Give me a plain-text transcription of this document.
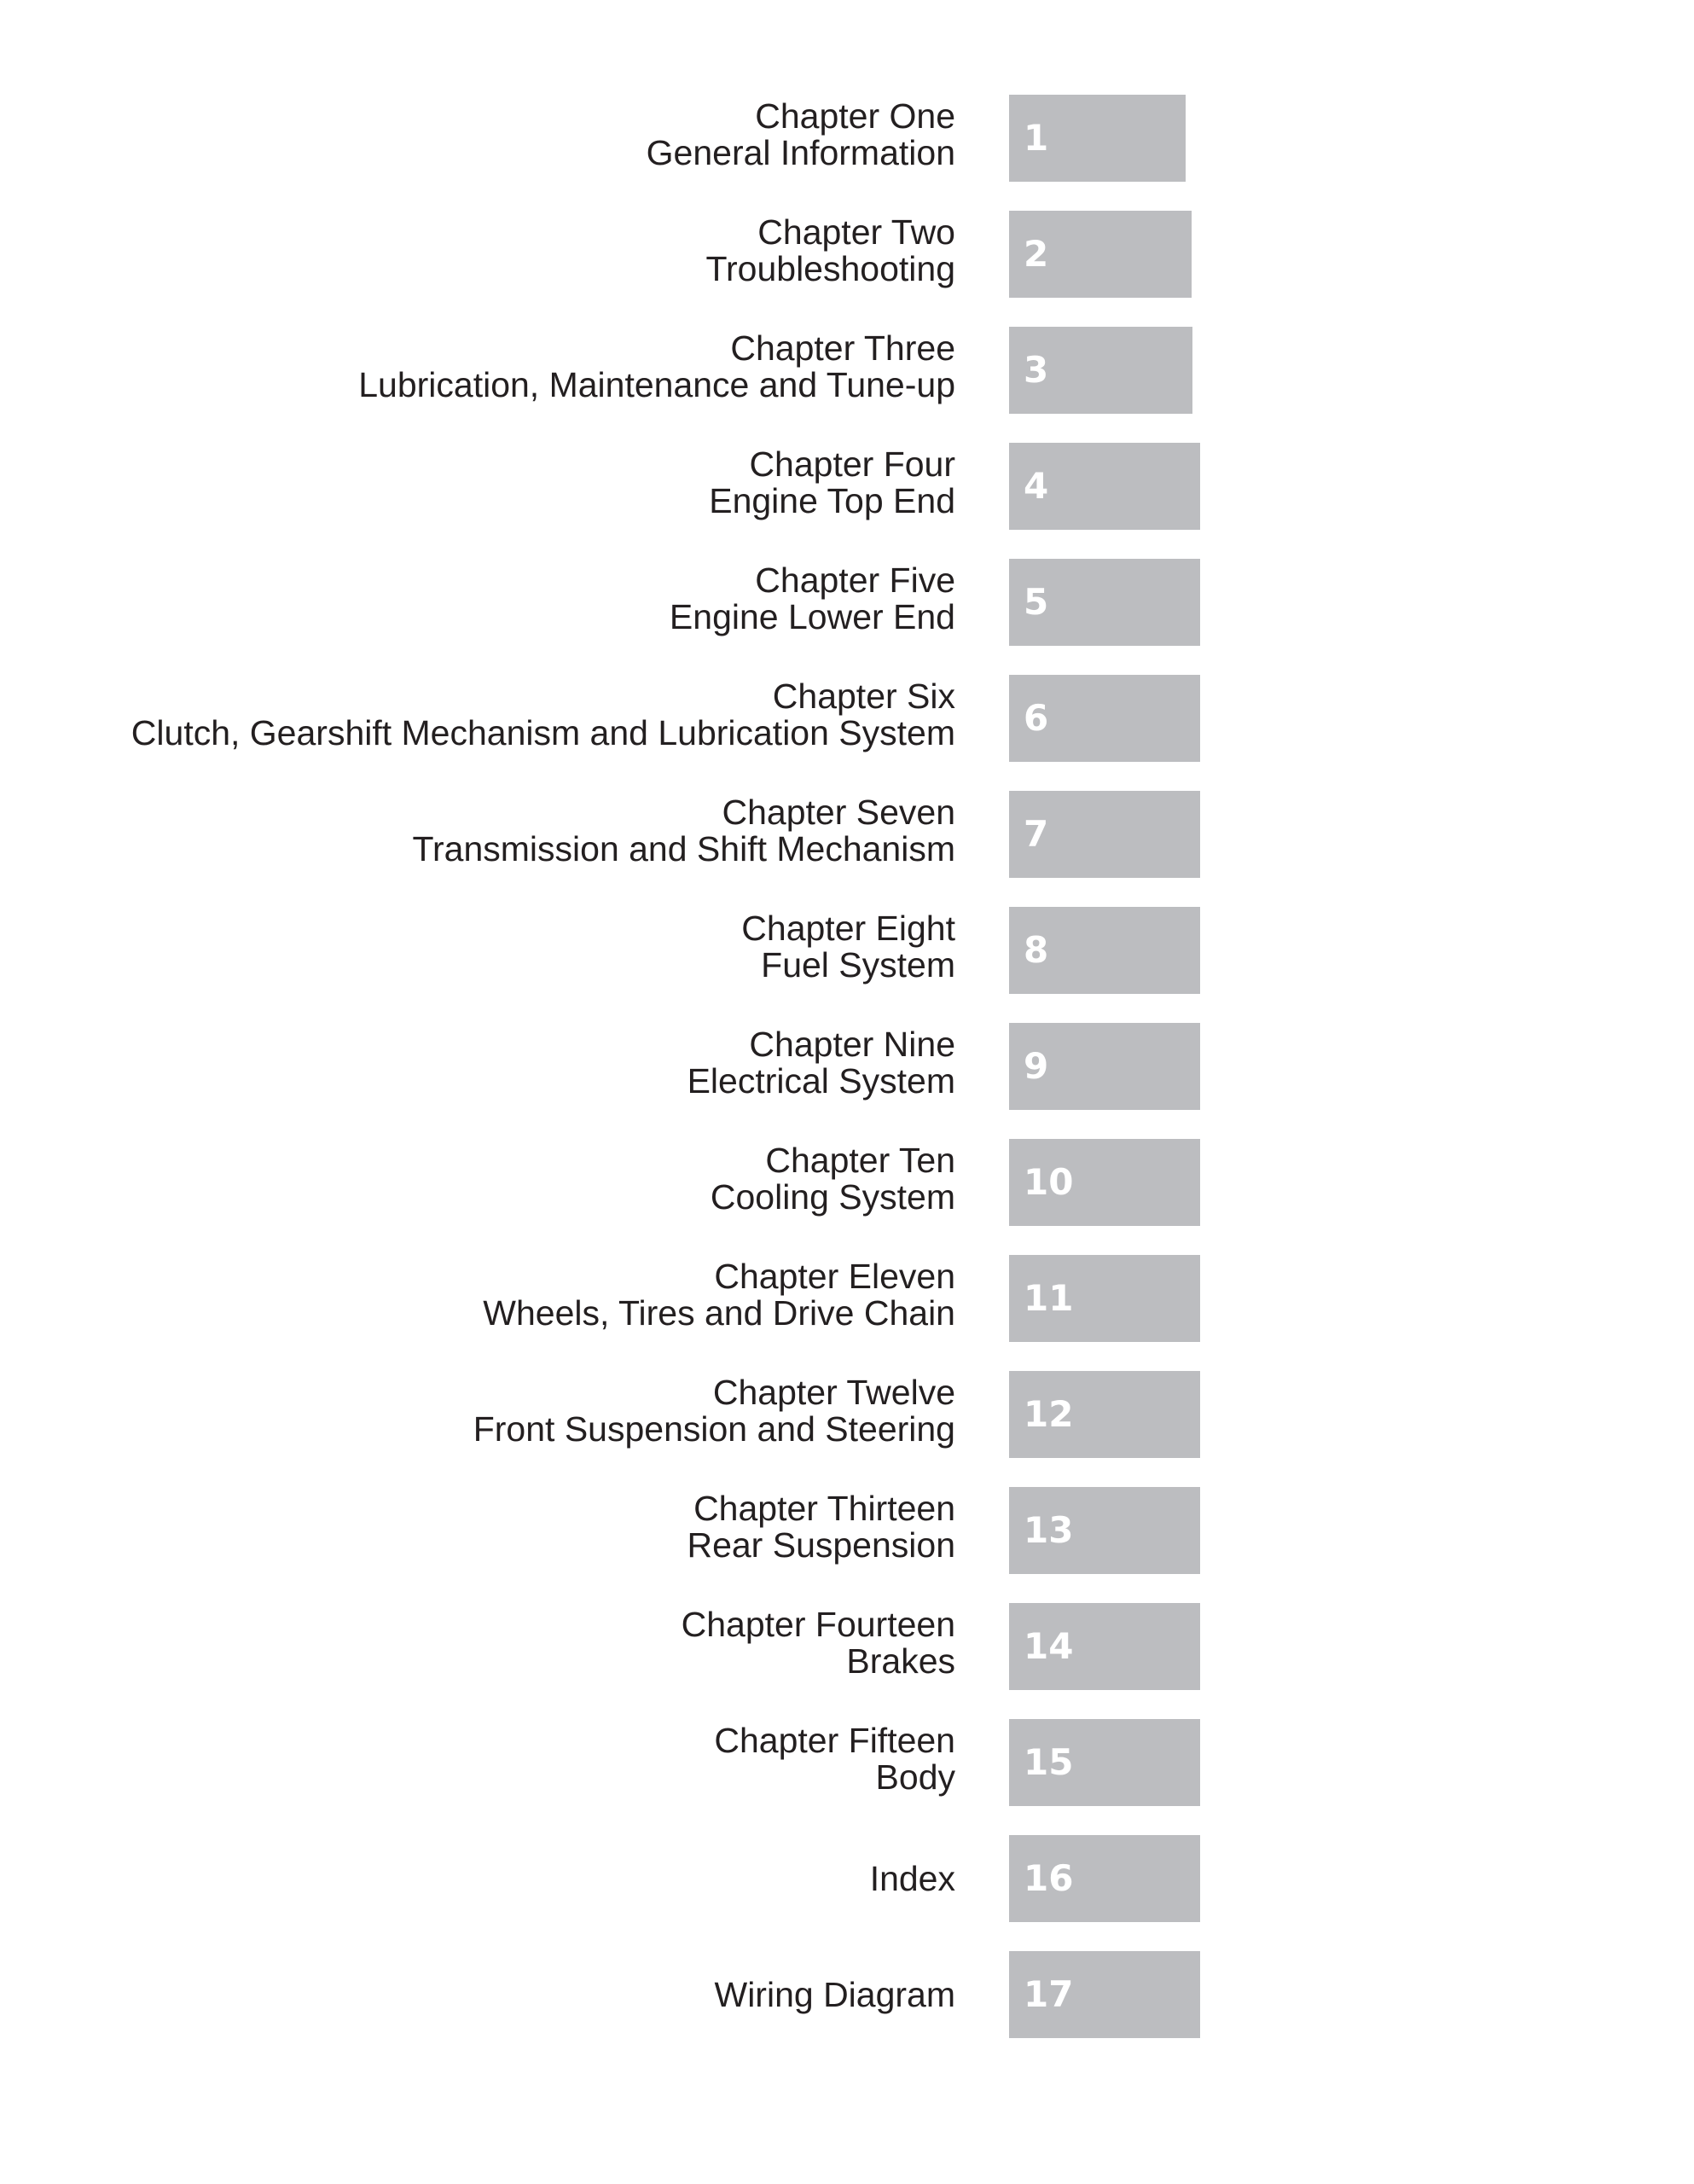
Chapter One
General Information 1
Chapter Two
Troubleshooting 2
Chapter Three
Lubrication, Maintenance and Tune-up 3
Chapter Four
Engine Top End 4
Chapter Five
Engine Lower End 5
Chapter Six
Clutch, Gearshift Mechanism and Lubrication System 6
Chapter Seven
Transmission and Shift Mechanism 7
Chapter Eight
Fuel System 8
Chapter Nine
Electrical System 9
Chapter Ten
Cooling System 10
Chapter Eleven
Wheels, Tires and Drive Chain 11
Chapter Twelve
Front Suspension and Steering 12
Chapter Thirteen
Rear Suspension 13
Chapter Fourteen
Brakes 14
Chapter Fifteen
Body 15
Index 16
Wiring Diagram 17
